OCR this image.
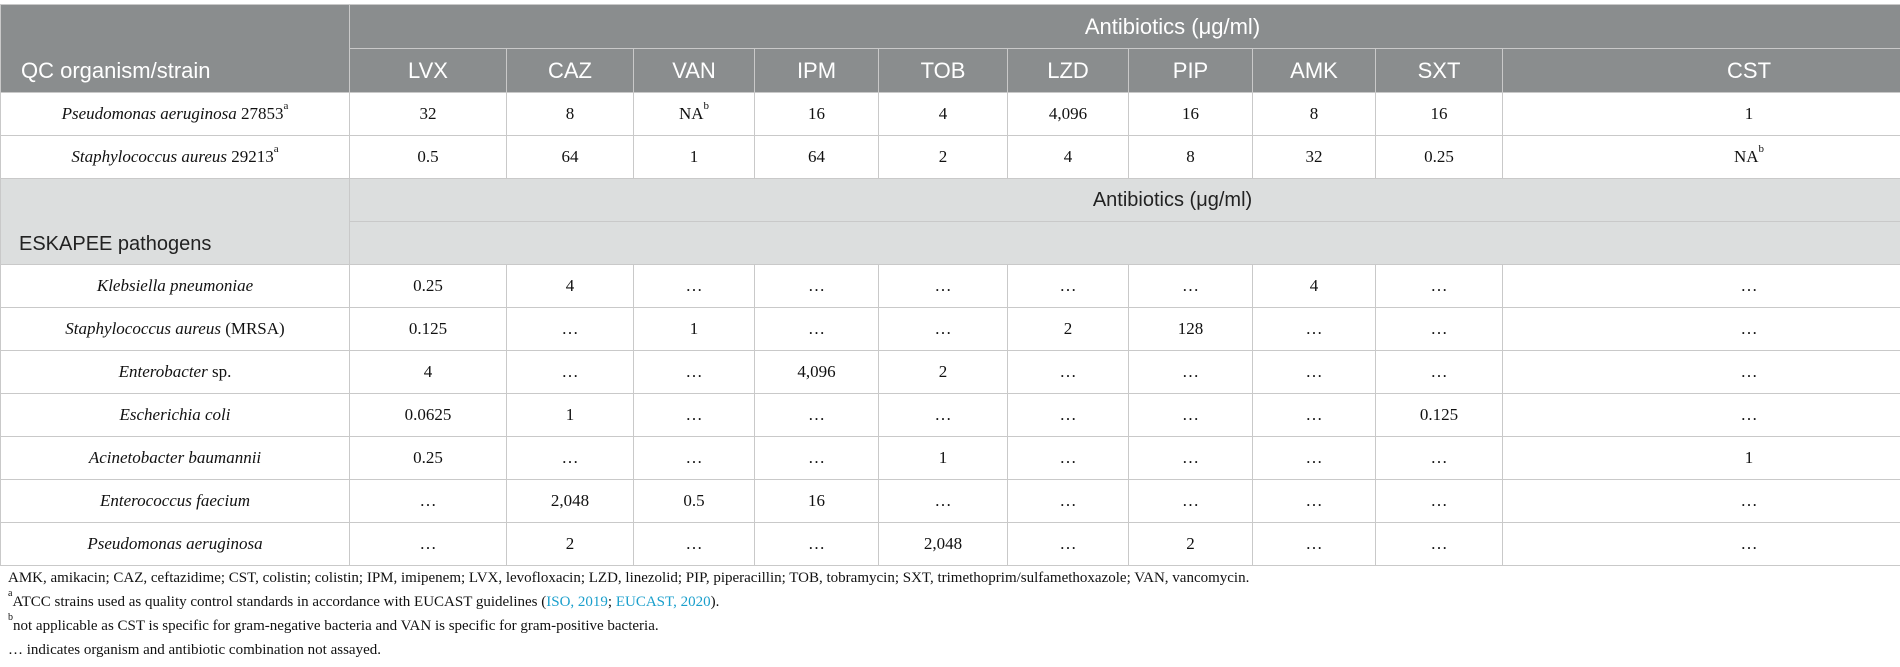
QC organism/strain	Antibiotics (μg/ml)									
	LVX	CAZ	VAN	IPM	TOB	LZD	PIP	AMK	SXT	CST
Pseudomonas aeruginosa 27853$^a$	32	8	$NA^b$	16	4	4,096	16	8	16	1
Staphylococcus aureus 29213$^a$	0.5	64	1	64	2	4	8	32	0.25	$NA^b$
ESKAPEE pathogens	Antibiotics (μg/ml)									

Klebsiella pneumoniae	0.25	4	…	…	…	…	…	4	…	…
Staphylococcus aureus (MRSA)	0.125	…	1	…	…	2	128	…	…	…
Enterobacter sp.	4	…	…	4,096	2	…	…	…	…	…
Escherichia coli	0.0625	1	…	…	…	…	…	…	0.125	…
Acinetobacter baumannii	0.25	…	…	…	1	…	…	…	…	1
Enterococcus faecium	…	2,048	0.5	16	…	…	…	…	…	…
Pseudomonas aeruginosa	…	2	…	…	2,048	…	2	…	…	…
AMK, amikacin; CAZ, ceftazidime; CST, colistin; colistin; IPM, imipenem; LVX, levofloxacin; LZD, linezolid; PIP, piperacillin; TOB, tobramycin; SXT, trimethoprim/sulfamethoxazole; VAN, vancomycin.
$^a$ATCC strains used as quality control standards in accordance with EUCAST guidelines (ISO, 2019; EUCAST, 2020).
$^b$not applicable as CST is specific for gram-negative bacteria and VAN is specific for gram-positive bacteria.
… indicates organism and antibiotic combination not assayed.
